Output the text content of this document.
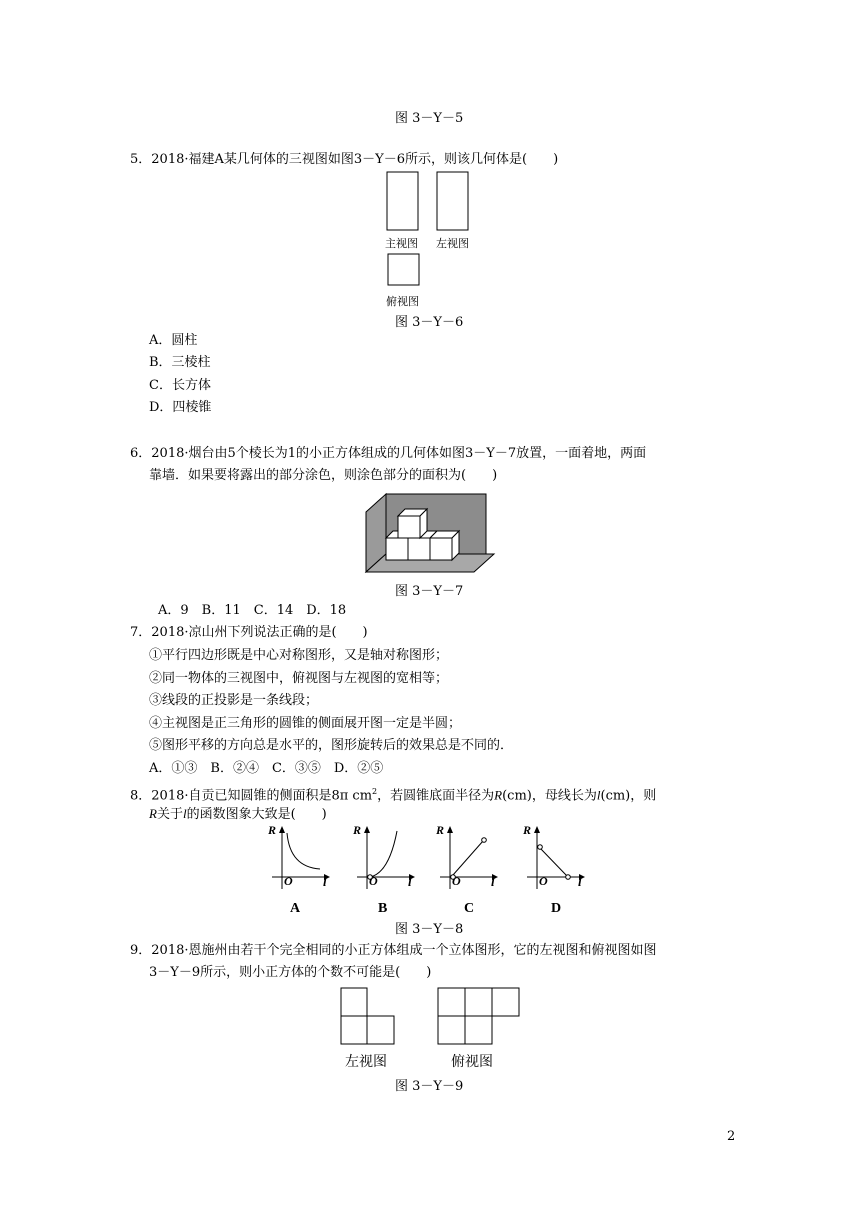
图 3－Y－5
5．2018·福建A某几何体的三视图如图3－Y－6所示，则该几何体是(　　)
主视图 左视图
俯视图
图 3－Y－6
A．圆柱
B．三棱柱
C．长方体
D．四棱锥
6．2018·烟台由5个棱长为1的小正方体组成的几何体如图3－Y－7放置，一面着地，两面
靠墙．如果要将露出的部分涂色，则涂色部分的面积为(　　)
图 3－Y－7
A．9　B．11　C．14　D．18
7．2018·凉山州下列说法正确的是(　　)
①平行四边形既是中心对称图形，又是轴对称图形；
②同一物体的三视图中，俯视图与左视图的宽相等；
③线段的正投影是一条线段；
④主视图是正三角形的圆锥的侧面展开图一定是半圆；
⑤图形平移的方向总是水平的，图形旋转后的效果总是不同的．
A．①③　B．②④　C．③⑤　D．②⑤
8．2018·自贡已知圆锥的侧面积是8π $cm^2$，若圆锥底面半径为R(cm)，母线长为l(cm)，则
R关于l的函数图象大致是(　　)
R
O l
R
O l
R
O l
R
O l
A	B	C	D
图 3－Y－8
9．2018·恩施州由若干个完全相同的小正方体组成一个立体图形，它的左视图和俯视图如图
3－Y－9所示，则小正方体的个数不可能是(　　)
左视图	俯视图
图 3－Y－9
2
